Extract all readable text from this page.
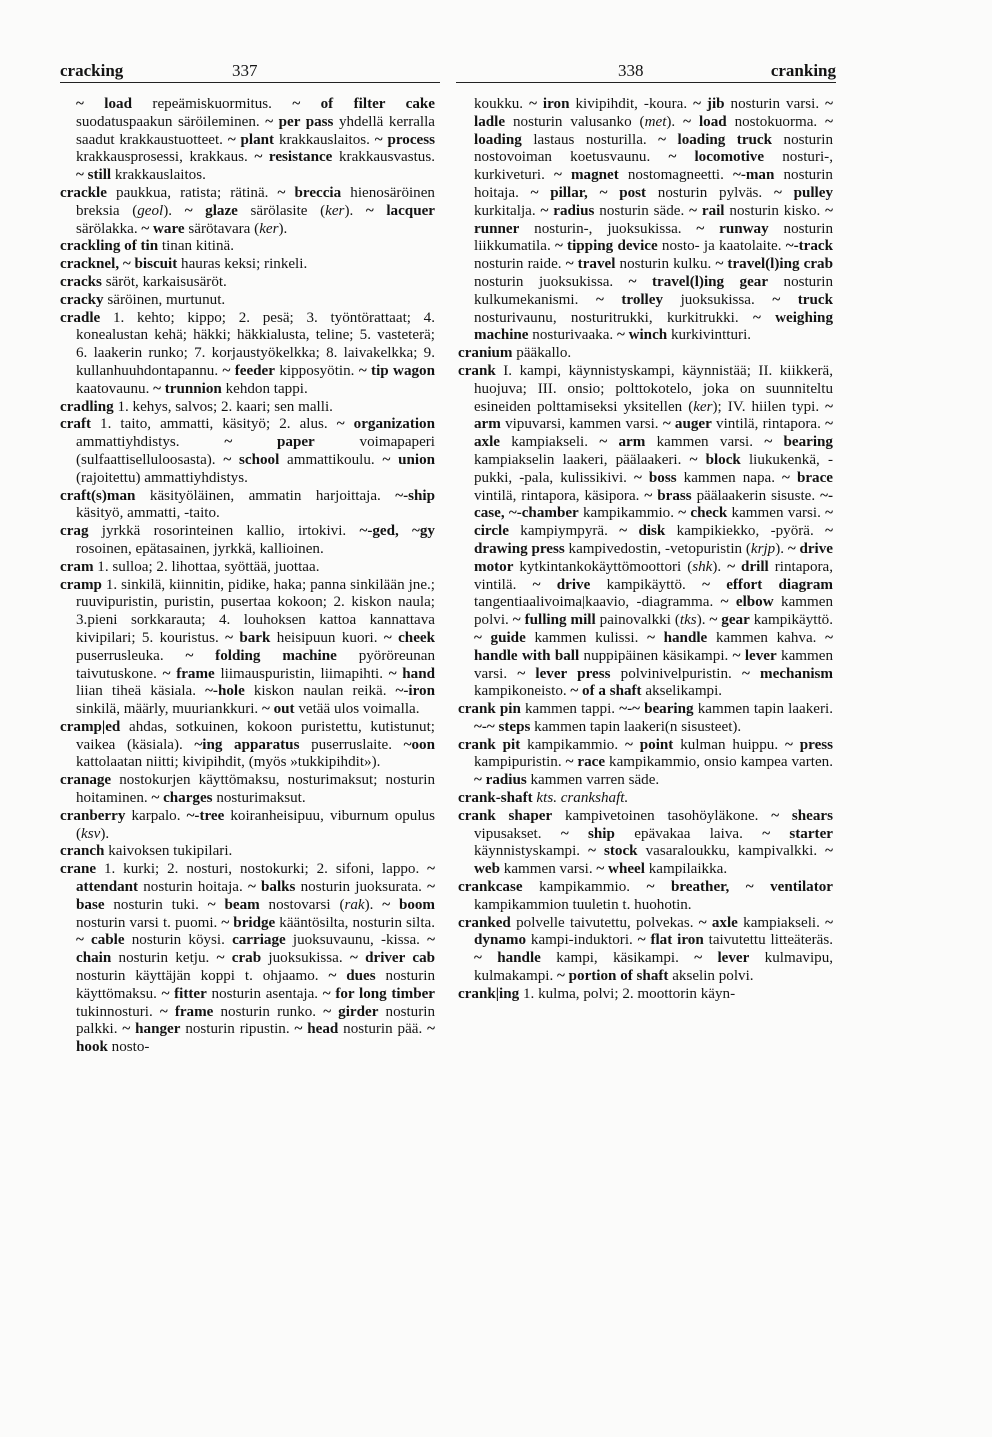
cracking	337	338	cranking

~ load repeämiskuormitus. ~ of filter cake suodatuspaakun säröileminen. ~ per pass yhdellä kerralla saadut krakkaustuotteet. ~ plant krakkauslaitos. ~ process krakkausprosessi, krakkaus. ~ resistance krakkausvastus. ~ still krakkauslaitos.

crackle paukkua, ratista; rätinä. ~ breccia hienosäröinen breksia (geol). ~ glaze särölasite (ker). ~ lacquer särölakka. ~ ware särötavara (ker).

crackling of tin tinan kitinä.

cracknel, ~ biscuit hauras keksi; rinkeli.

cracks säröt, karkaisusäröt.

cracky säröinen, murtunut.

cradle 1. kehto; kippo; 2. pesä; 3. työntörattaat; 4. konealustan kehä; häkki; häkkialusta, teline; 5. vasteterä; 6. laakerin runko; 7. korjaustyökelkka; 8. laivakelkka; 9. kullanhuuhdontapannu. ~ feeder kipposyötin. ~ tip wagon kaatovaunu. ~ trunnion kehdon tappi.

cradling 1. kehys, salvos; 2. kaari; sen malli.

craft 1. taito, ammatti, käsityö; 2. alus. ~ organization ammattiyhdistys. ~ paper voimapaperi (sulfaattiselluloosasta). ~ school ammattikoulu. ~ union (rajoitettu) ammattiyhdistys.

craft(s)man käsityöläinen, ammatin harjoittaja. ~-ship käsityö, ammatti, -taito.

crag jyrkkä rosorinteinen kallio, irtokivi. ~-ged, ~gy rosoinen, epätasainen, jyrkkä, kallioinen.

cram 1. sulloa; 2. lihottaa, syöttää, juottaa.

cramp 1. sinkilä, kiinnitin, pidike, haka; panna sinkilään jne.; ruuvipuristin, puristin, pusertaa kokoon; 2. kiskon naula; 3.pieni sorkkarauta; 4. louhoksen kattoa kannattava kivipilari; 5. kouristus. ~ bark heisipuun kuori. ~ cheek puserrusleuka. ~ folding machine pyöröreunan taivutuskone. ~ frame liimauspuristin, liimapihti. ~ hand liian tiheä käsiala. ~-hole kiskon naulan reikä. ~-iron sinkilä, määrly, muuriankkuri. ~ out vetää ulos voimalla.

cramp|ed ahdas, sotkuinen, kokoon puristettu, kutistunut; vaikea (käsiala). ~ing apparatus puserruslaite. ~oon kattolaatan niitti; kivipihdit, (myös »tukkipihdit»).

cranage nostokurjen käyttömaksu, nosturimaksut; nosturin hoitaminen. ~ charges nosturimaksut.

cranberry karpalo. ~-tree koiranheisipuu, viburnum opulus (ksv).

cranch kaivoksen tukipilari.

crane 1. kurki; 2. nosturi, nostokurki; 2. sifoni, lappo. ~ attendant nosturin hoitaja. ~ balks nosturin juoksurata. ~ base nosturin tuki. ~ beam nostovarsi (rak). ~ boom nosturin varsi t. puomi. ~ bridge kääntösilta, nosturin silta. ~ cable nosturin köysi. carriage juoksuvaunu, -kissa. ~ chain nosturin ketju. ~ crab juoksukissa. ~ driver cab nosturin käyttäjän koppi t. ohjaamo. ~ dues nosturin käyttömaksu. ~ fitter nosturin asentaja. ~ for long timber tukinnosturi. ~ frame nosturin runko. ~ girder nosturin palkki. ~ hanger nosturin ripustin. ~ head nosturin pää. ~ hook nosto-

koukku. ~ iron kivipihdit, -koura. ~ jib nosturin varsi. ~ ladle nosturin valusanko (met). ~ load nostokuorma. ~ loading lastaus nosturilla. ~ loading truck nosturin nostovoiman koetusvaunu. ~ locomotive nosturi-, kurkiveturi. ~ magnet nostomagneetti. ~-man nosturin hoitaja. ~ pillar, ~ post nosturin pylväs. ~ pulley kurkitalja. ~ radius nosturin säde. ~ rail nosturin kisko. ~ runner nosturin-, juoksukissa. ~ runway nosturin liikkumatila. ~ tipping device nosto- ja kaatolaite. ~-track nosturin raide. ~ travel nosturin kulku. ~ travel(l)ing crab nosturin juoksukissa. ~ travel(l)ing gear nosturin kulkumekanismi. ~ trolley juoksukissa. ~ truck nosturivaunu, nosturitrukki, kurkitrukki. ~ weighing machine nosturivaaka. ~ winch kurkivintturi.

cranium pääkallo.

crank I. kampi, käynnistyskampi, käynnistää; II. kiikkerä, huojuva; III. onsio; polttokotelo, joka on suunniteltu esineiden polttamiseksi yksitellen (ker); IV. hiilen typi. ~ arm vipuvarsi, kammen varsi. ~ auger vintilä, rintapora. ~ axle kampiakseli. ~ arm kammen varsi. ~ bearing kampiakselin laakeri, päälaakeri. ~ block liukukenkä, -pukki, -pala, kulissikivi. ~ boss kammen napa. ~ brace vintilä, rintapora, käsipora. ~ brass päälaakerin sisuste. ~-case, ~-chamber kampikammio. ~ check kammen varsi. ~ circle kampiympyrä. ~ disk kampikiekko, -pyörä. ~ drawing press kampivedostin, -vetopuristin (krjp). ~ drive motor kytkintankokäyttömoottori (shk). ~ drill rintapora, vintilä. ~ drive kampikäyttö. ~ effort diagram tangentiaalivoima|kaavio, -diagramma. ~ elbow kammen polvi. ~ fulling mill painovalkki (tks). ~ gear kampikäyttö. ~ guide kammen kulissi. ~ handle kammen kahva. ~ handle with ball nuppipäinen käsikampi. ~ lever kammen varsi. ~ lever press polvinivelpuristin. ~ mechanism kampikoneisto. ~ of a shaft akselikampi.

crank pin kammen tappi. ~-~ bearing kammen tapin laakeri. ~-~ steps kammen tapin laakeri(n sisusteet).

crank pit kampikammio. ~ point kulman huippu. ~ press kampipuristin. ~ race kampikammio, onsio kampea varten. ~ radius kammen varren säde.

crank-shaft kts. crankshaft.

crank shaper kampivetoinen tasohöyläkone. ~ shears vipusakset. ~ ship epävakaa laiva. ~ starter käynnistyskampi. ~ stock vasaraloukku, kampivalkki. ~ web kammen varsi. ~ wheel kampilaikka.

crankcase kampikammio. ~ breather, ~ ventilator kampikammion tuuletin t. huohotin.

cranked polvelle taivutettu, polvekas. ~ axle kampiakseli. ~ dynamo kampi-induktori. ~ flat iron taivutettu litteäteräs. ~ handle kampi, käsikampi. ~ lever kulmavipu, kulmakampi. ~ portion of shaft akselin polvi.

crank|ing 1. kulma, polvi; 2. moottorin käyn-
